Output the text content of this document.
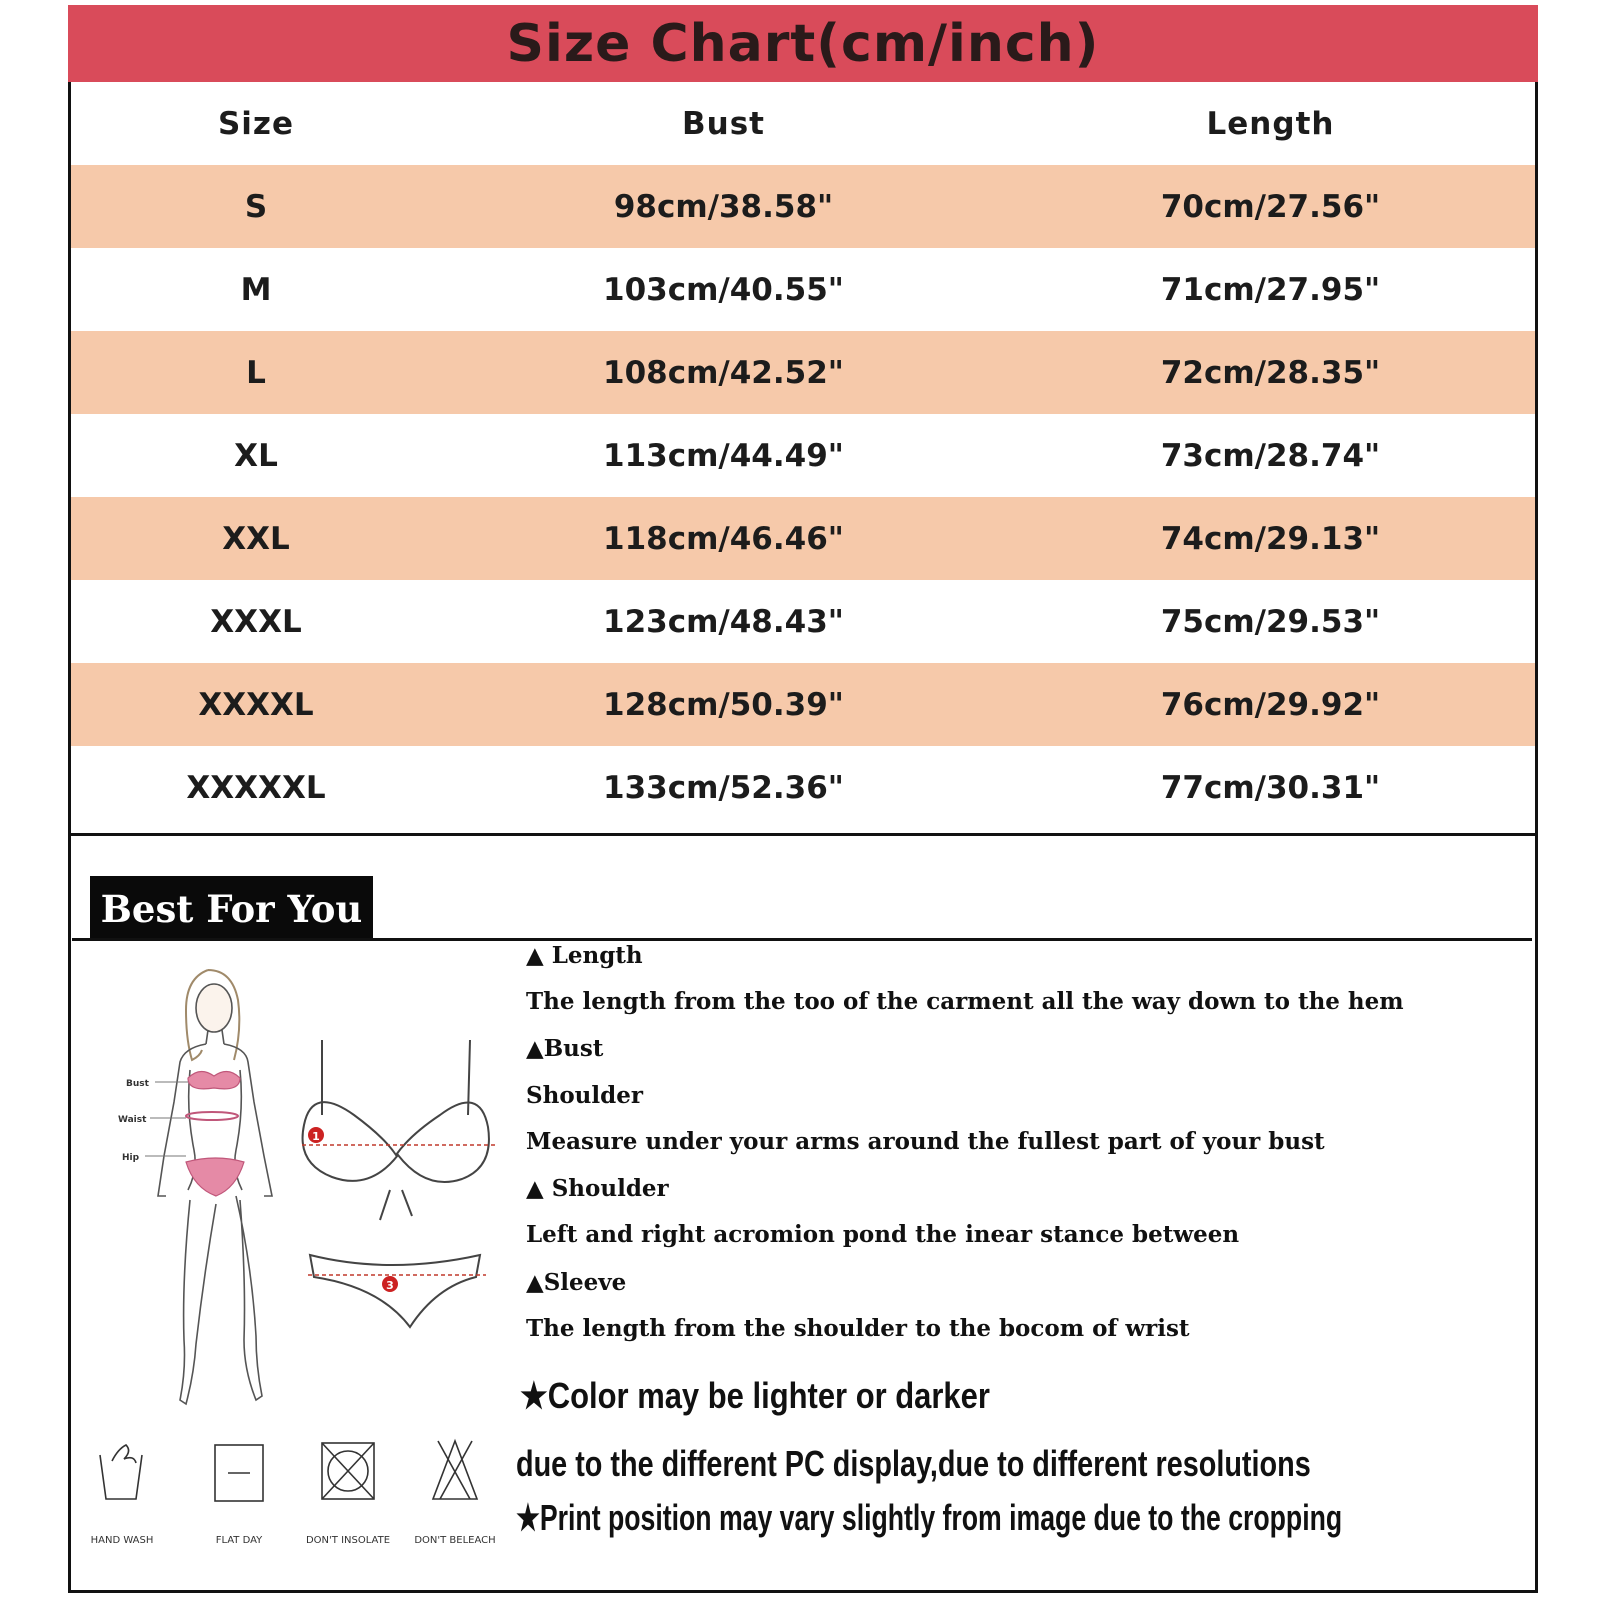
Size Chart(cm/inch)
Size	Bust	Length
S	98cm/38.58"	70cm/27.56"
M	103cm/40.55"	71cm/27.95"
L	108cm/42.52"	72cm/28.35"
XL	113cm/44.49"	73cm/28.74"
XXL	118cm/46.46"	74cm/29.13"
XXXL	123cm/48.43"	75cm/29.53"
XXXXL	128cm/50.39"	76cm/29.92"
XXXXXL	133cm/52.36"	77cm/30.31"
Best For You
Bust
Waist
Hip
1
3
HAND WASH	FLAT DAY	DON'T INSOLATE DON'T BELEACH
▲ Length
The length from the too of the carment all the way down to the hem
▲Bust
Shoulder
Measure under your arms around the fullest part of your bust
▲ Shoulder
Left and right acromion pond the inear stance between
▲Sleeve
The length from the shoulder to the bocom of wrist
★Color may be lighter or darker
due to the different PC display,due to different resolutions
★Print position may vary slightly from image due to the cropping
